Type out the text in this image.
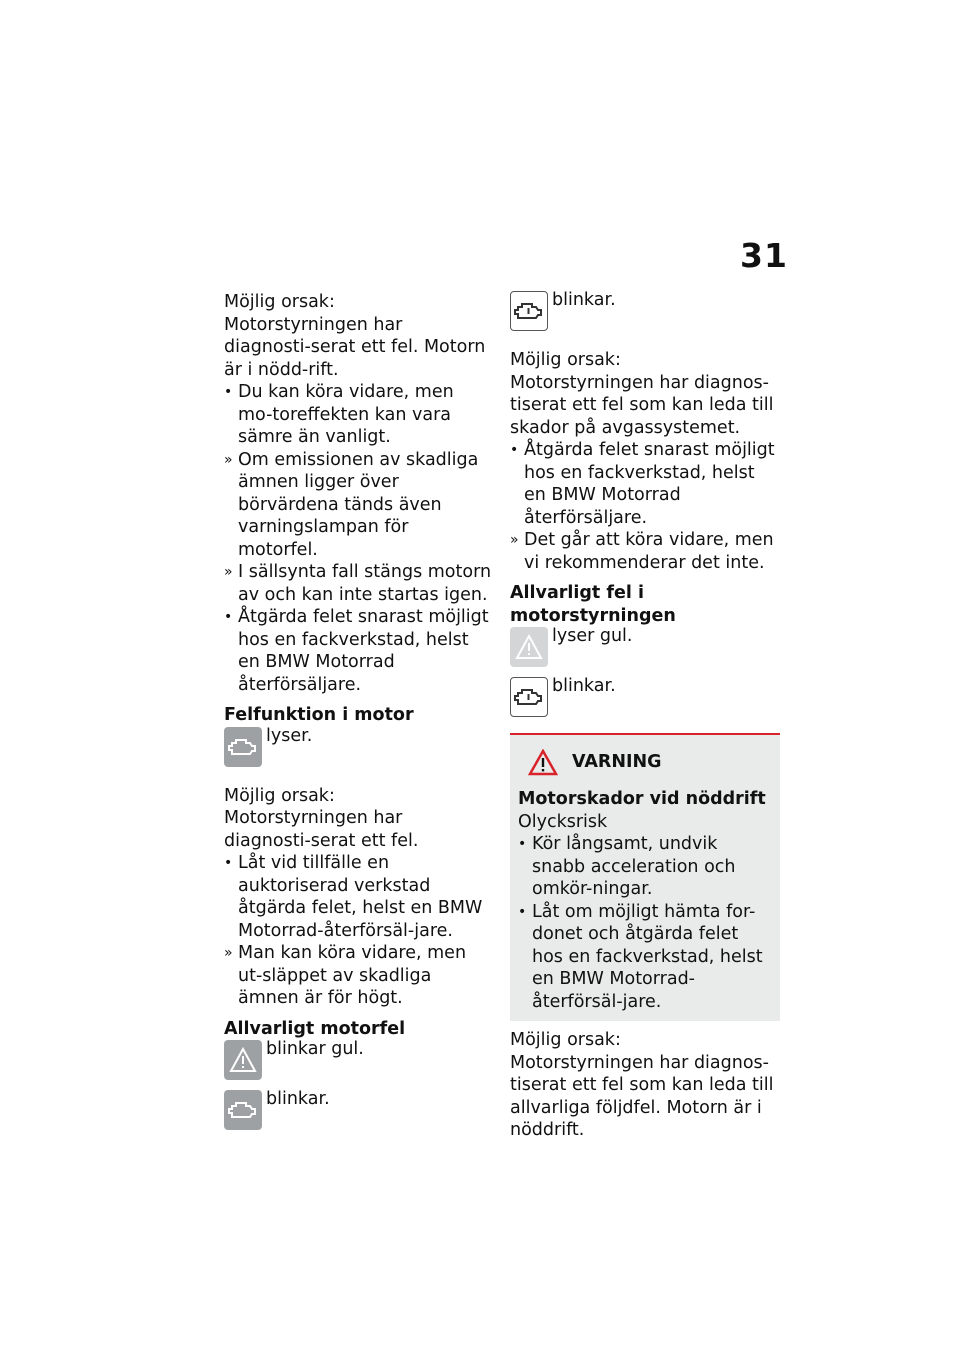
31

Möjlig orsak:

Motorstyrningen har diagnosti-serat ett fel. Motorn är i nödd-rift.

• Du kan köra vidare, men mo-toreffekten kan vara sämre än vanligt.
» Om emissionen av skadliga ämnen ligger över börvärdena tänds även varningslampan för motorfel.
» I sällsynta fall stängs motorn av och kan inte startas igen.
• Åtgärda felet snarast möjligt hos en fackverkstad, helst en BMW Motorrad återförsäljare.

Felfunktion i motor

lyser.

Möjlig orsak:

Motorstyrningen har diagnosti-serat ett fel.

• Låt vid tillfälle en auktoriserad verkstad åtgärda felet, helst en BMW Motorrad-återförsäl-jare.
» Man kan köra vidare, men ut-släppet av skadliga ämnen är för högt.

Allvarligt motorfel

blinkar gul.
blinkar.
blinkar.

Möjlig orsak:

Motorstyrningen har diagnos-tiserat ett fel som kan leda till skador på avgassystemet.

• Åtgärda felet snarast möjligt hos en fackverkstad, helst en BMW Motorrad återförsäljare.
» Det går att köra vidare, men vi rekommenderar det inte.

Allvarligt fel i motorstyrningen

lyser gul.
blinkar.
VARNING

Motorskador vid nöddrift

Olycksrisk

• Kör långsamt, undvik snabb acceleration och omkör-ningar.
• Låt om möjligt hämta for-donet och åtgärda felet hos en fackverkstad, helst en BMW Motorrad-återförsäl-jare.

Möjlig orsak:

Motorstyrningen har diagnos-tiserat ett fel som kan leda till allvarliga följdfel. Motorn är i nöddrift.
